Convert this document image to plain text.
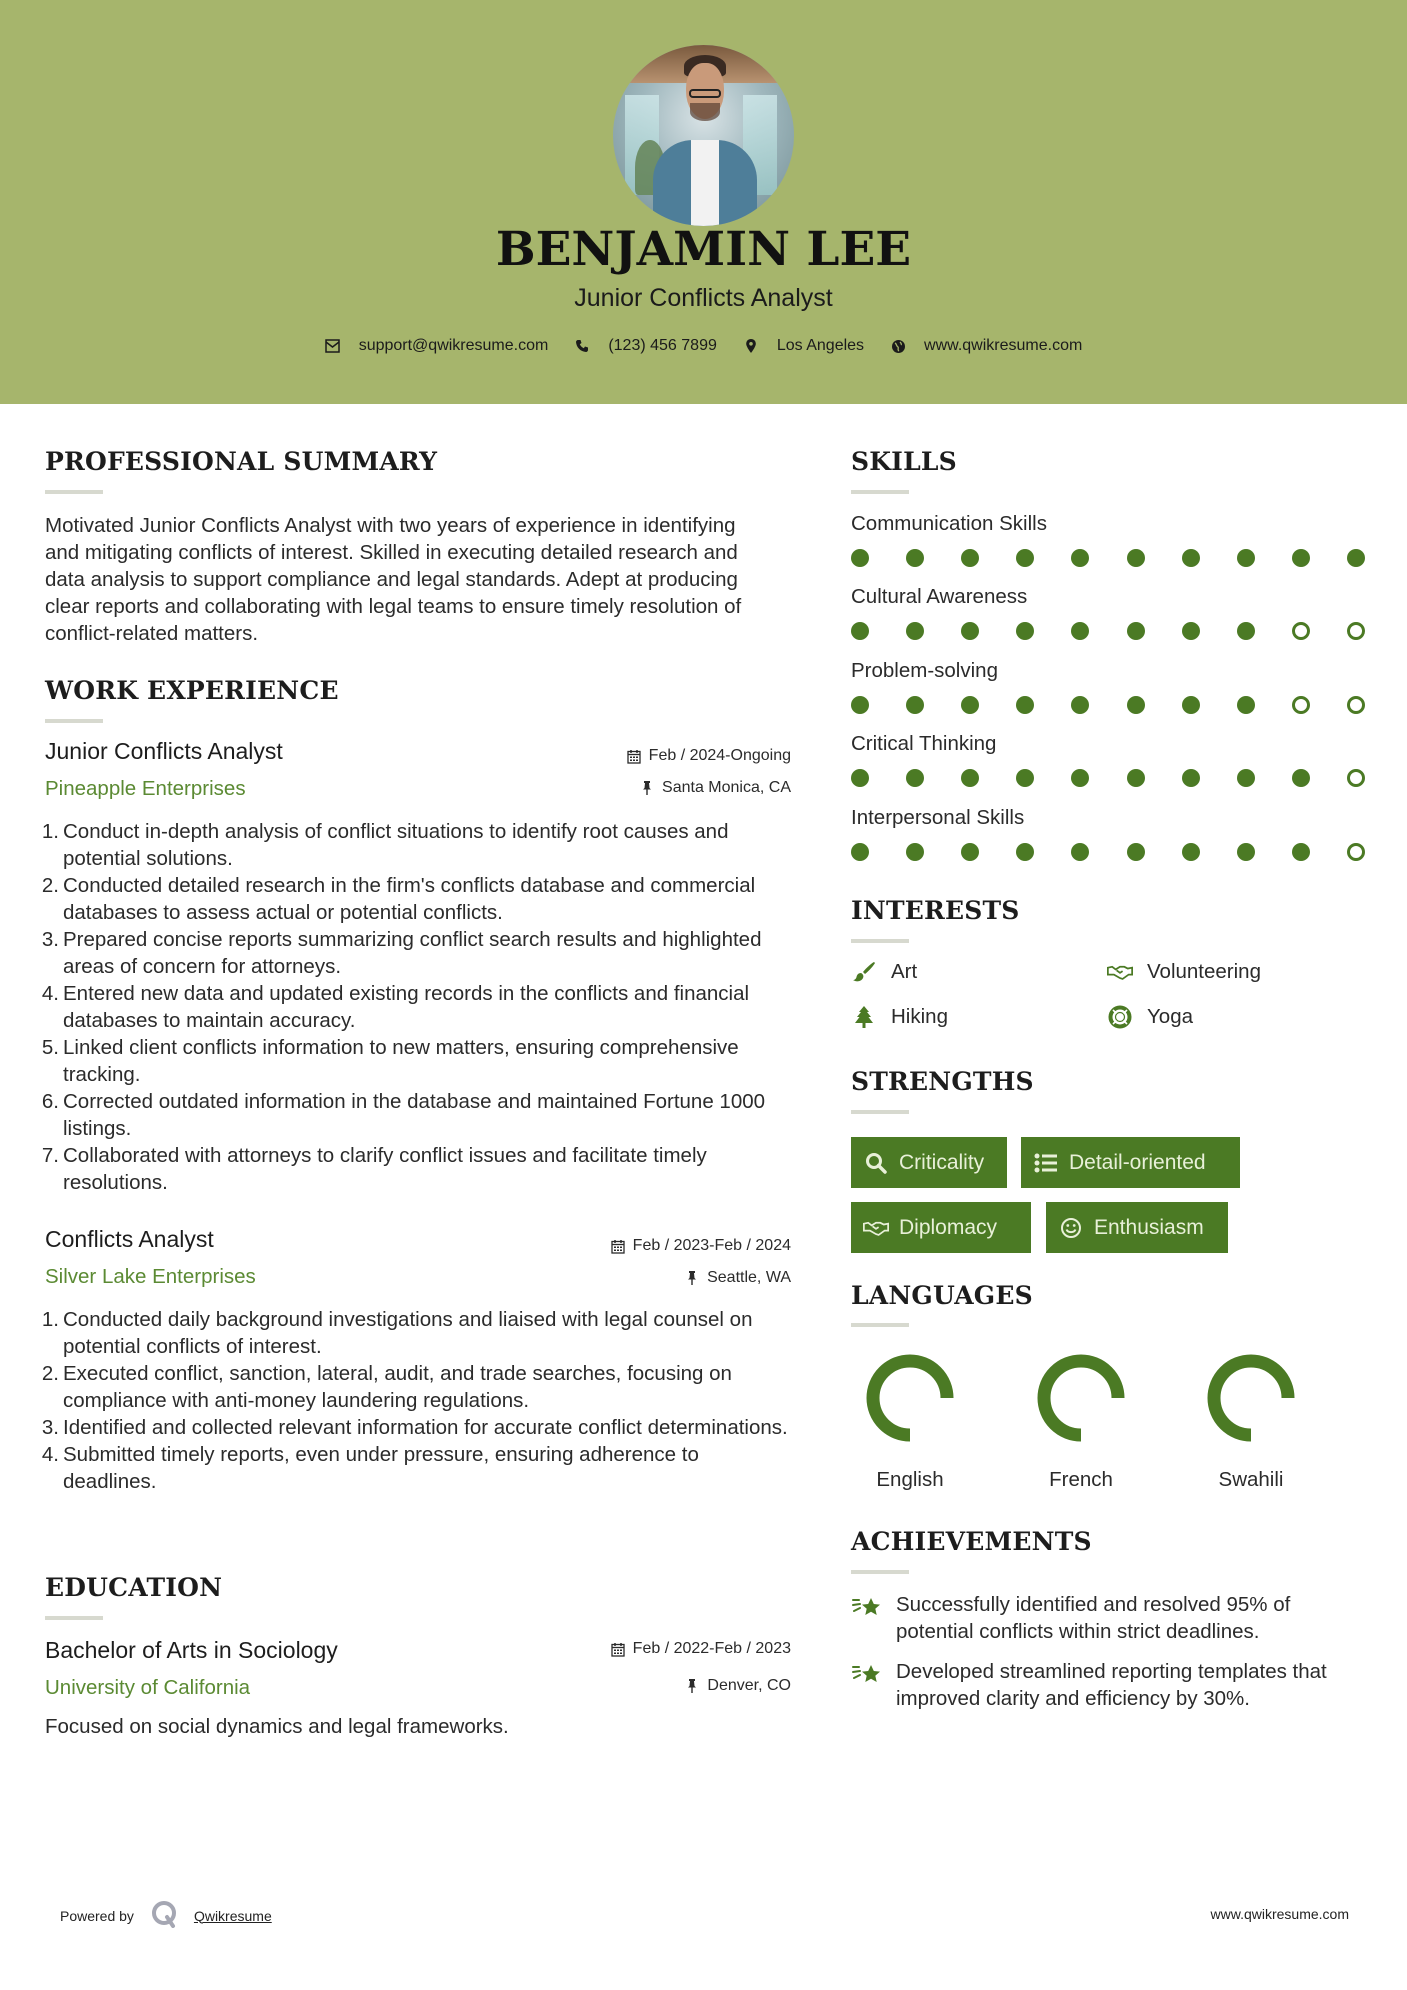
BENJAMIN LEE
Junior Conflicts Analyst
support@qwikresume.com	(123) 456 7899	Los Angeles	www.qwikresume.com
PROFESSIONAL SUMMARY
Motivated Junior Conflicts Analyst with two years of experience in identifying and mitigating conflicts of interest. Skilled in executing detailed research and data analysis to support compliance and legal standards. Adept at producing clear reports and collaborating with legal teams to ensure timely resolution of conflict-related matters.
WORK EXPERIENCE
Junior Conflicts Analyst	Feb / 2024-Ongoing
Pineapple Enterprises	Santa Monica, CA
1. Conduct in-depth analysis of conflict situations to identify root causes and potential solutions.
2. Conducted detailed research in the firm's conflicts database and commercial databases to assess actual or potential conflicts.
3. Prepared concise reports summarizing conflict search results and highlighted areas of concern for attorneys.
4. Entered new data and updated existing records in the conflicts and financial databases to maintain accuracy.
5. Linked client conflicts information to new matters, ensuring comprehensive tracking.
6. Corrected outdated information in the database and maintained Fortune 1000 listings.
7. Collaborated with attorneys to clarify conflict issues and facilitate timely resolutions.
Conflicts Analyst	Feb / 2023-Feb / 2024
Silver Lake Enterprises	Seattle, WA
1. Conducted daily background investigations and liaised with legal counsel on potential conflicts of interest.
2. Executed conflict, sanction, lateral, audit, and trade searches, focusing on compliance with anti-money laundering regulations.
3. Identified and collected relevant information for accurate conflict determinations.
4. Submitted timely reports, even under pressure, ensuring adherence to deadlines.
EDUCATION
Bachelor of Arts in Sociology	Feb / 2022-Feb / 2023
University of California	Denver, CO
Focused on social dynamics and legal frameworks.
SKILLS
Communication Skills
Cultural Awareness
Problem-solving
Critical Thinking
Interpersonal Skills
INTERESTS
Art	Volunteering
Hiking	Yoga
STRENGTHS
Criticality	Detail-oriented
Diplomacy	Enthusiasm
LANGUAGES
English	French	Swahili
ACHIEVEMENTS
Successfully identified and resolved 95% of potential conflicts within strict deadlines.
Developed streamlined reporting templates that improved clarity and efficiency by 30%.
Powered by	Qwikresume	www.qwikresume.com
